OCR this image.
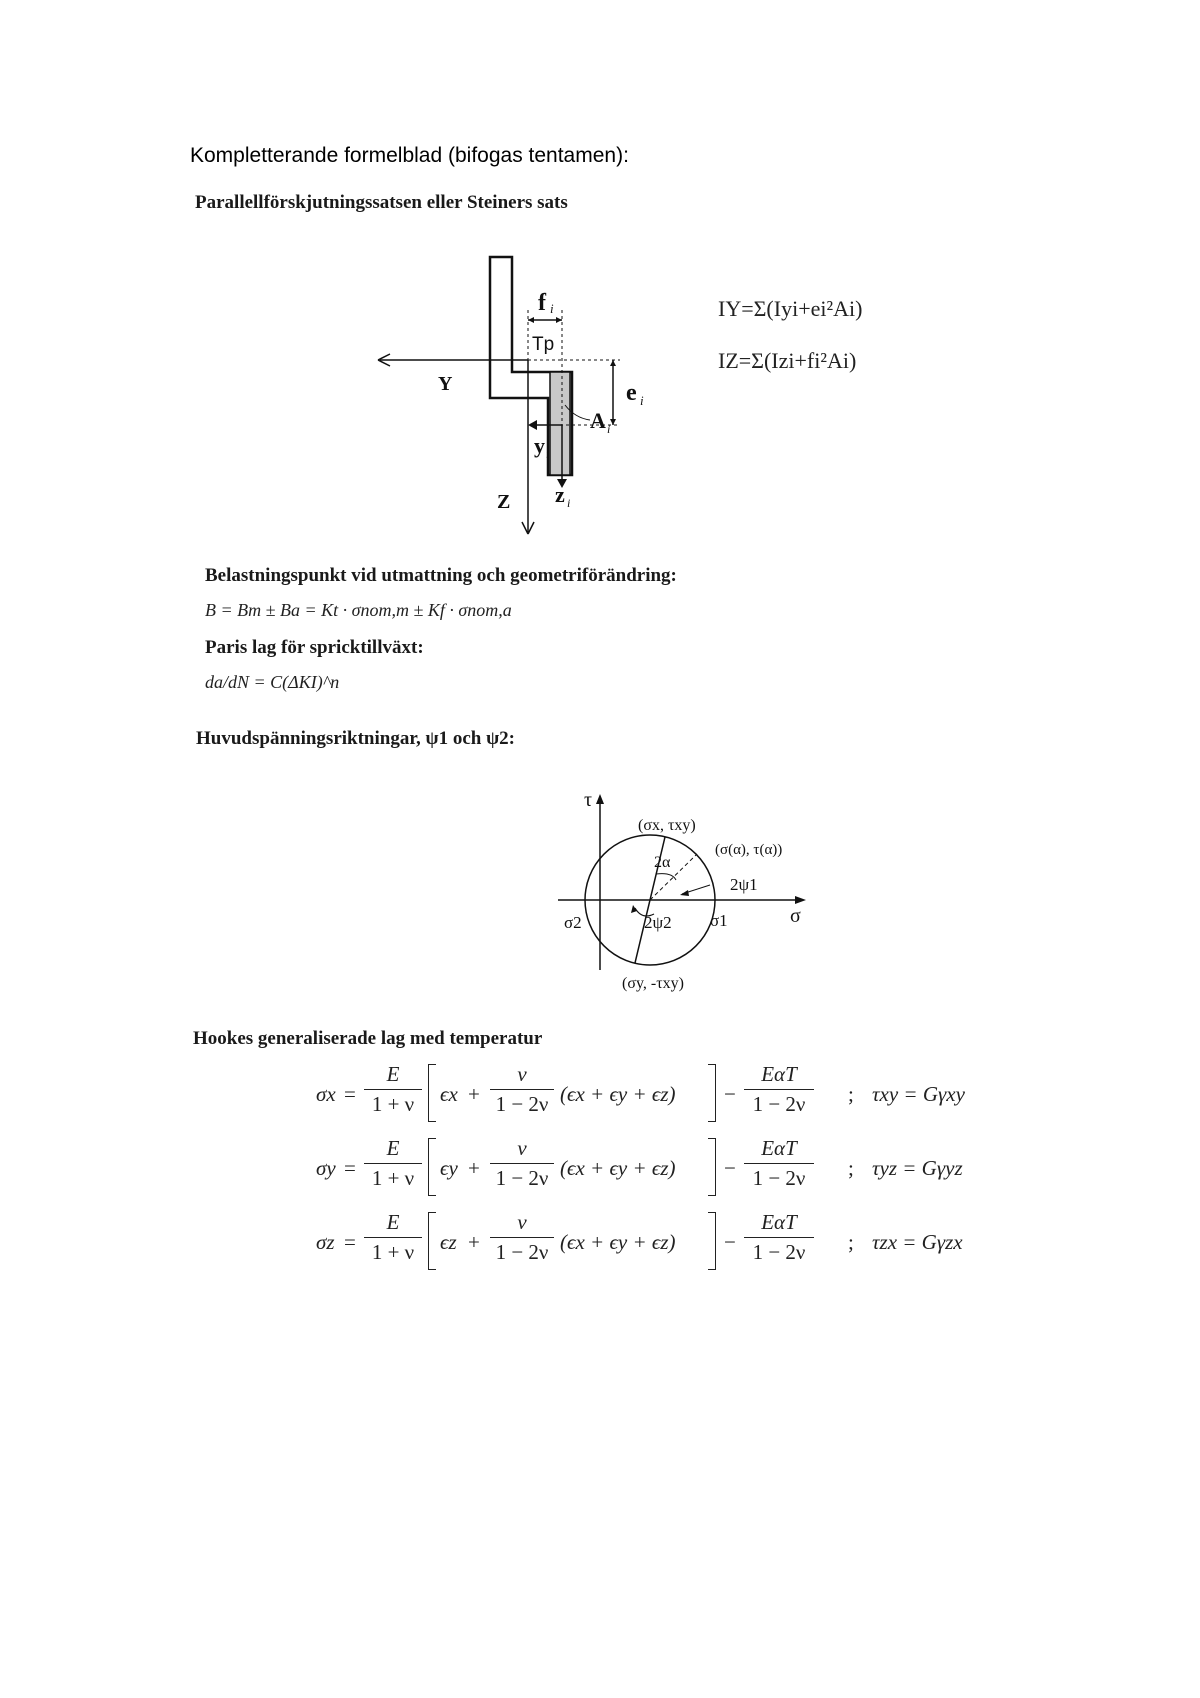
Kompletterande formelblad (bifogas tentamen):
Parallellförskjutningssatsen eller Steiners sats
f i
Tp
e i
Y
Z
y i
z i
A i
IY=Σ(Iyi+ei²Ai)
IZ=Σ(Izi+fi²Ai)
Belastningspunkt vid utmattning och geometriförändring:
B = Bm ± Ba = Kt · σnom,m ± Kf · σnom,a
Paris lag för spricktillväxt:
da/dN = C(ΔKI)^n
Huvudspänningsriktningar, ψ1 och ψ2:
τ
σ
(σx, τxy)
(σ(α), τ(α))
2α
2ψ1
2ψ2 σ1
σ2
(σy, -τxy)
Hookes generaliserade lag med temperatur
σx =
E
1 + ν	ϵx +
ν
1 − 2ν (ϵx + ϵy + ϵz) −
EαT
1 − 2ν	; τxy = Gγxy
σy =
E
1 + ν	ϵy +
ν
1 − 2ν (ϵx + ϵy + ϵz) −
EαT
1 − 2ν	; τyz = Gγyz
σz =
E
1 + ν	ϵz +
ν
1 − 2ν (ϵx + ϵy + ϵz) −
EαT
1 − 2ν	; τzx = Gγzx
